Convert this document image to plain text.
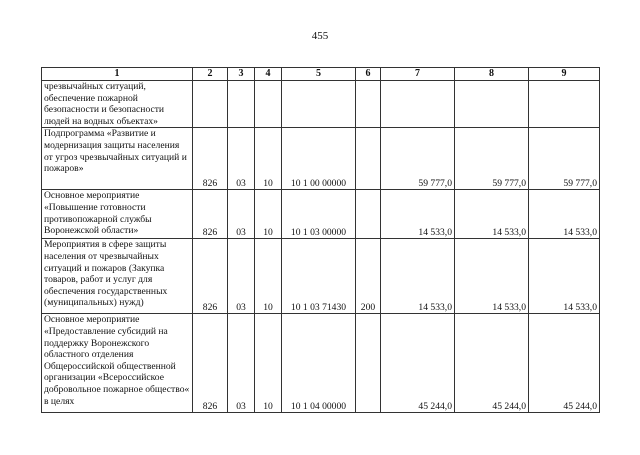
455
1	2	3	4	5	6	7	8	9
чрезвычайных ситуаций, обеспечение пожарной безопасности и безопасности людей на водных объектах»								
Подпрограмма «Развитие и модернизация защиты населения от угроз чрезвычайных ситуаций и пожаров»	826	03	10	10 1 00 00000		59 777,0	59 777,0	59 777,0
Основное мероприятие «Повышение готовности противопожарной службы Воронежской области»	826	03	10	10 1 03 00000		14 533,0	14 533,0	14 533,0
Мероприятия в сфере защиты населения от чрезвычайных ситуаций и пожаров (Закупка товаров, работ и услуг для обеспечения государственных (муниципальных) нужд)	826	03	10	10 1 03 71430	200	14 533,0	14 533,0	14 533,0
Основное мероприятие «Предоставление субсидий на поддержку Воронежского областного отделения Общероссийской общественной организации «Всероссийское добровольное пожарное общество« в целях	826	03	10	10 1 04 00000		45 244,0	45 244,0	45 244,0
